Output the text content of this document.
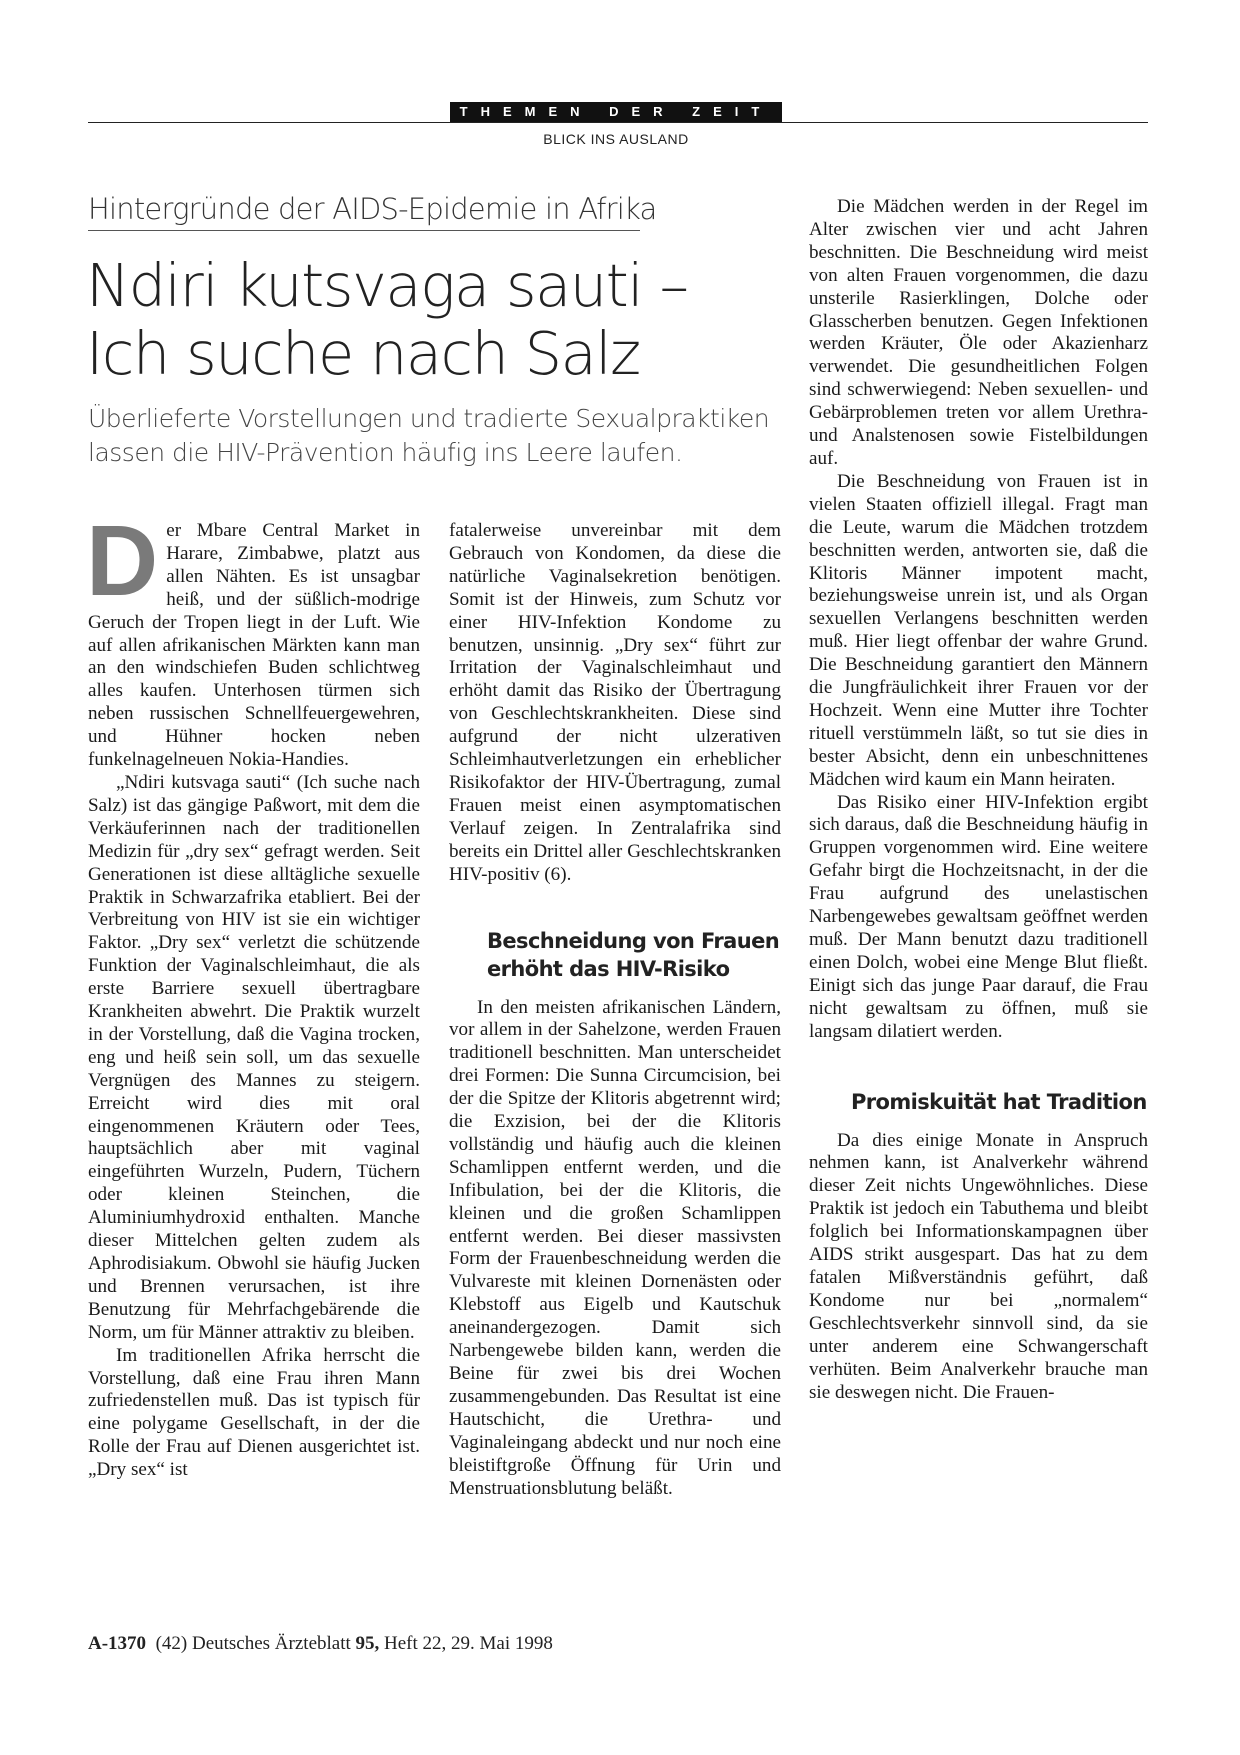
THEMEN DER ZEIT
BLICK INS AUSLAND
Hintergründe der AIDS-Epidemie in Afrika
Ndiri kutsvaga sauti –
Ich suche nach Salz
Überlieferte Vorstellungen und tradierte Sexualpraktiken
lassen die HIV-Prävention häufig ins Leere laufen.
D er Mbare Central Market in Harare, Zimbabwe, platzt aus allen Nähten. Es ist unsagbar heiß, und der süßlich-modrige Geruch der Tropen liegt in der Luft. Wie auf allen afrikanischen Märkten kann man an den windschiefen Buden schlichtweg alles kaufen. Unterhosen türmen sich neben russischen Schnellfeuergewehren, und Hühner hocken neben funkelnagelneuen Nokia-Handies.

„Ndiri kutsvaga sauti“ (Ich suche nach Salz) ist das gängige Paßwort, mit dem die Verkäuferinnen nach der traditionellen Medizin für „dry sex“ gefragt werden. Seit Generationen ist diese alltägliche sexuelle Praktik in Schwarzafrika etabliert. Bei der Verbreitung von HIV ist sie ein wichtiger Faktor. „Dry sex“ verletzt die schützende Funktion der Vaginalschleimhaut, die als erste Barriere sexuell übertragbare Krankheiten abwehrt. Die Praktik wurzelt in der Vorstellung, daß die Vagina trocken, eng und heiß sein soll, um das sexuelle Vergnügen des Mannes zu steigern. Erreicht wird dies mit oral eingenommenen Kräutern oder Tees, hauptsächlich aber mit vaginal eingeführten Wurzeln, Pudern, Tüchern oder kleinen Steinchen, die Aluminiumhydroxid enthalten. Manche dieser Mittelchen gelten zudem als Aphrodisiakum. Obwohl sie häufig Jucken und Brennen verursachen, ist ihre Benutzung für Mehrfachgebärende die Norm, um für Männer attraktiv zu bleiben.

Im traditionellen Afrika herrscht die Vorstellung, daß eine Frau ihren Mann zufriedenstellen muß. Das ist typisch für eine polygame Gesellschaft, in der die Rolle der Frau auf Dienen ausgerichtet ist. „Dry sex“ ist

fatalerweise unvereinbar mit dem Gebrauch von Kondomen, da diese die natürliche Vaginalsekretion benötigen. Somit ist der Hinweis, zum Schutz vor einer HIV-Infektion Kondome zu benutzen, unsinnig. „Dry sex“ führt zur Irritation der Vaginalschleimhaut und erhöht damit das Risiko der Übertragung von Geschlechtskrankheiten. Diese sind aufgrund der nicht ulzerativen Schleimhautverletzungen ein erheblicher Risikofaktor der HIV-Übertragung, zumal Frauen meist einen asymptomatischen Verlauf zeigen. In Zentralafrika sind bereits ein Drittel aller Geschlechtskranken HIV-positiv (6).

Beschneidung von Frauen
erhöht das HIV-Risiko

In den meisten afrikanischen Ländern, vor allem in der Sahelzone, werden Frauen traditionell beschnitten. Man unterscheidet drei Formen: Die Sunna Circumcision, bei der die Spitze der Klitoris abgetrennt wird; die Exzision, bei der die Klitoris vollständig und häufig auch die kleinen Schamlippen entfernt werden, und die Infibulation, bei der die Klitoris, die kleinen und die großen Schamlippen entfernt werden. Bei dieser massivsten Form der Frauenbeschneidung werden die Vulvareste mit kleinen Dornenästen oder Klebstoff aus Eigelb und Kautschuk aneinandergezogen. Damit sich Narbengewebe bilden kann, werden die Beine für zwei bis drei Wochen zusammengebunden. Das Resultat ist eine Hautschicht, die Urethra- und Vaginaleingang abdeckt und nur noch eine bleistiftgroße Öffnung für Urin und Menstruationsblutung beläßt.

Die Mädchen werden in der Regel im Alter zwischen vier und acht Jahren beschnitten. Die Beschneidung wird meist von alten Frauen vorgenommen, die dazu unsterile Rasierklingen, Dolche oder Glasscherben benutzen. Gegen Infektionen werden Kräuter, Öle oder Akazienharz verwendet. Die gesundheitlichen Folgen sind schwerwiegend: Neben sexuellen- und Gebärproblemen treten vor allem Urethra- und Analstenosen sowie Fistelbildungen auf.

Die Beschneidung von Frauen ist in vielen Staaten offiziell illegal. Fragt man die Leute, warum die Mädchen trotzdem beschnitten werden, antworten sie, daß die Klitoris Männer impotent macht, beziehungsweise unrein ist, und als Organ sexuellen Verlangens beschnitten werden muß. Hier liegt offenbar der wahre Grund. Die Beschneidung garantiert den Männern die Jungfräulichkeit ihrer Frauen vor der Hochzeit. Wenn eine Mutter ihre Tochter rituell verstümmeln läßt, so tut sie dies in bester Absicht, denn ein unbeschnittenes Mädchen wird kaum ein Mann heiraten.

Das Risiko einer HIV-Infektion ergibt sich daraus, daß die Beschneidung häufig in Gruppen vorgenommen wird. Eine weitere Gefahr birgt die Hochzeitsnacht, in der die Frau aufgrund des unelastischen Narbengewebes gewaltsam geöffnet werden muß. Der Mann benutzt dazu traditionell einen Dolch, wobei eine Menge Blut fließt. Einigt sich das junge Paar darauf, die Frau nicht gewaltsam zu öffnen, muß sie langsam dilatiert werden.

Promiskuität hat Tradition

Da dies einige Monate in Anspruch nehmen kann, ist Analverkehr während dieser Zeit nichts Ungewöhnliches. Diese Praktik ist jedoch ein Tabuthema und bleibt folglich bei Informationskampagnen über AIDS strikt ausgespart. Das hat zu dem fatalen Mißverständnis geführt, daß Kondome nur bei „normalem“ Geschlechtsverkehr sinnvoll sind, da sie unter anderem eine Schwangerschaft verhüten. Beim Analverkehr brauche man sie deswegen nicht. Die Frauen-

A-1370 (42) Deutsches Ärzteblatt 95, Heft 22, 29. Mai 1998
